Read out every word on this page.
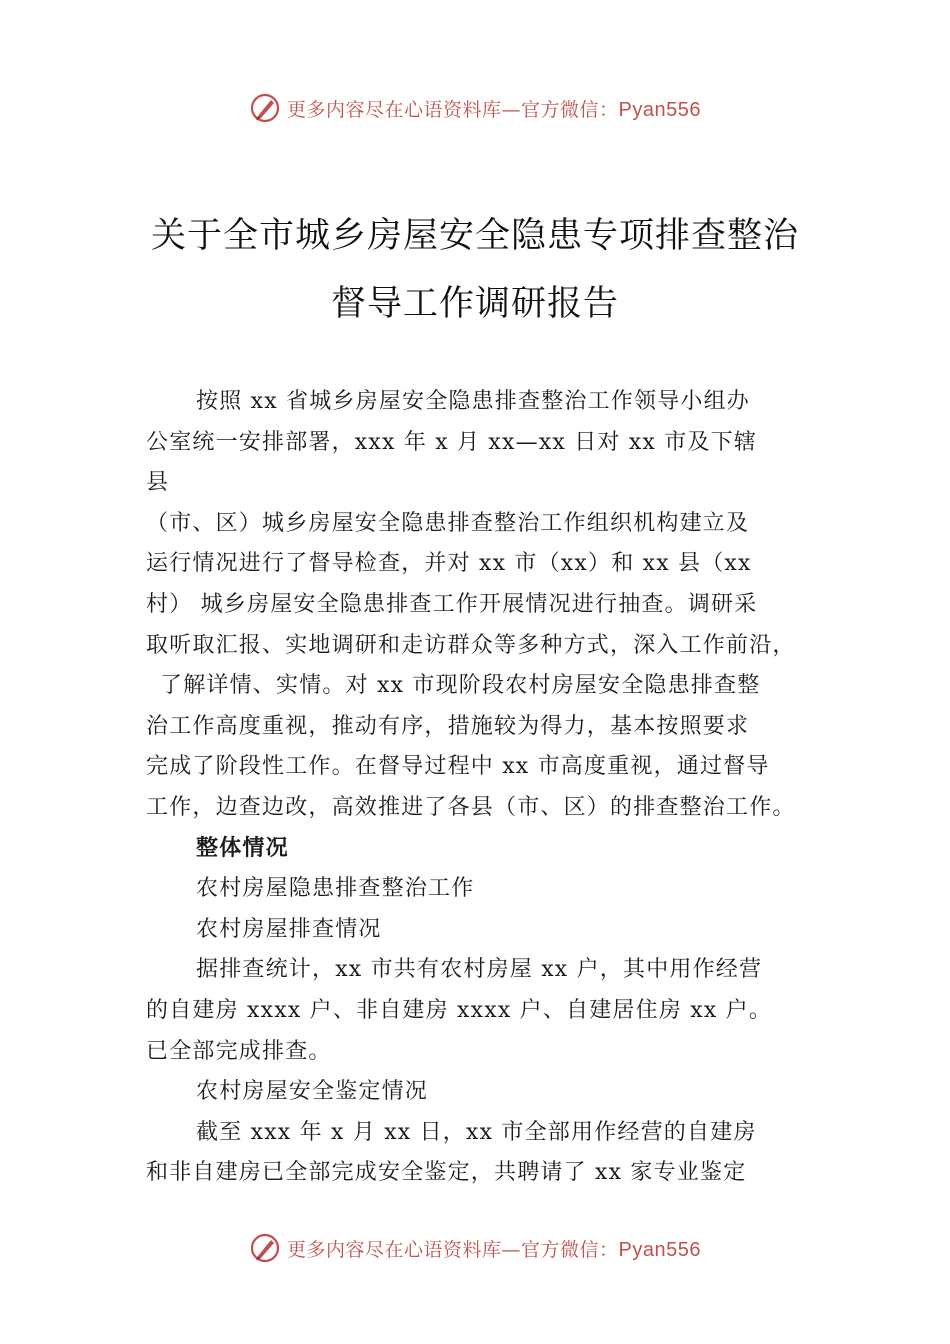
更多内容尽在心语资料库—官方微信：Pyan556
关于全市城乡房屋安全隐患专项排查整治
督导工作调研报告
按照 xx 省城乡房屋安全隐患排查整治工作领导小组办
公室统一安排部署，xxx 年 x 月 xx—xx 日对 xx 市及下辖
县
（市、区）城乡房屋安全隐患排查整治工作组织机构建立及
运行情况进行了督导检查，并对 xx 市（xx）和 xx 县（xx
村） 城乡房屋安全隐患排查工作开展情况进行抽查。调研采
取听取汇报、实地调研和走访群众等多种方式，深入工作前沿，
了解详情、实情。对 xx 市现阶段农村房屋安全隐患排查整
治工作高度重视，推动有序，措施较为得力，基本按照要求
完成了阶段性工作。在督导过程中 xx 市高度重视，通过督导
工作，边查边改，高效推进了各县（市、区）的排查整治工作。
整体情况
农村房屋隐患排查整治工作
农村房屋排查情况
据排查统计，xx 市共有农村房屋 xx 户，其中用作经营
的自建房 xxxx 户、非自建房 xxxx 户、自建居住房 xx 户。
已全部完成排查。
农村房屋安全鉴定情况
截至 xxx 年 x 月 xx 日，xx 市全部用作经营的自建房
和非自建房已全部完成安全鉴定，共聘请了 xx 家专业鉴定
更多内容尽在心语资料库—官方微信：Pyan556
